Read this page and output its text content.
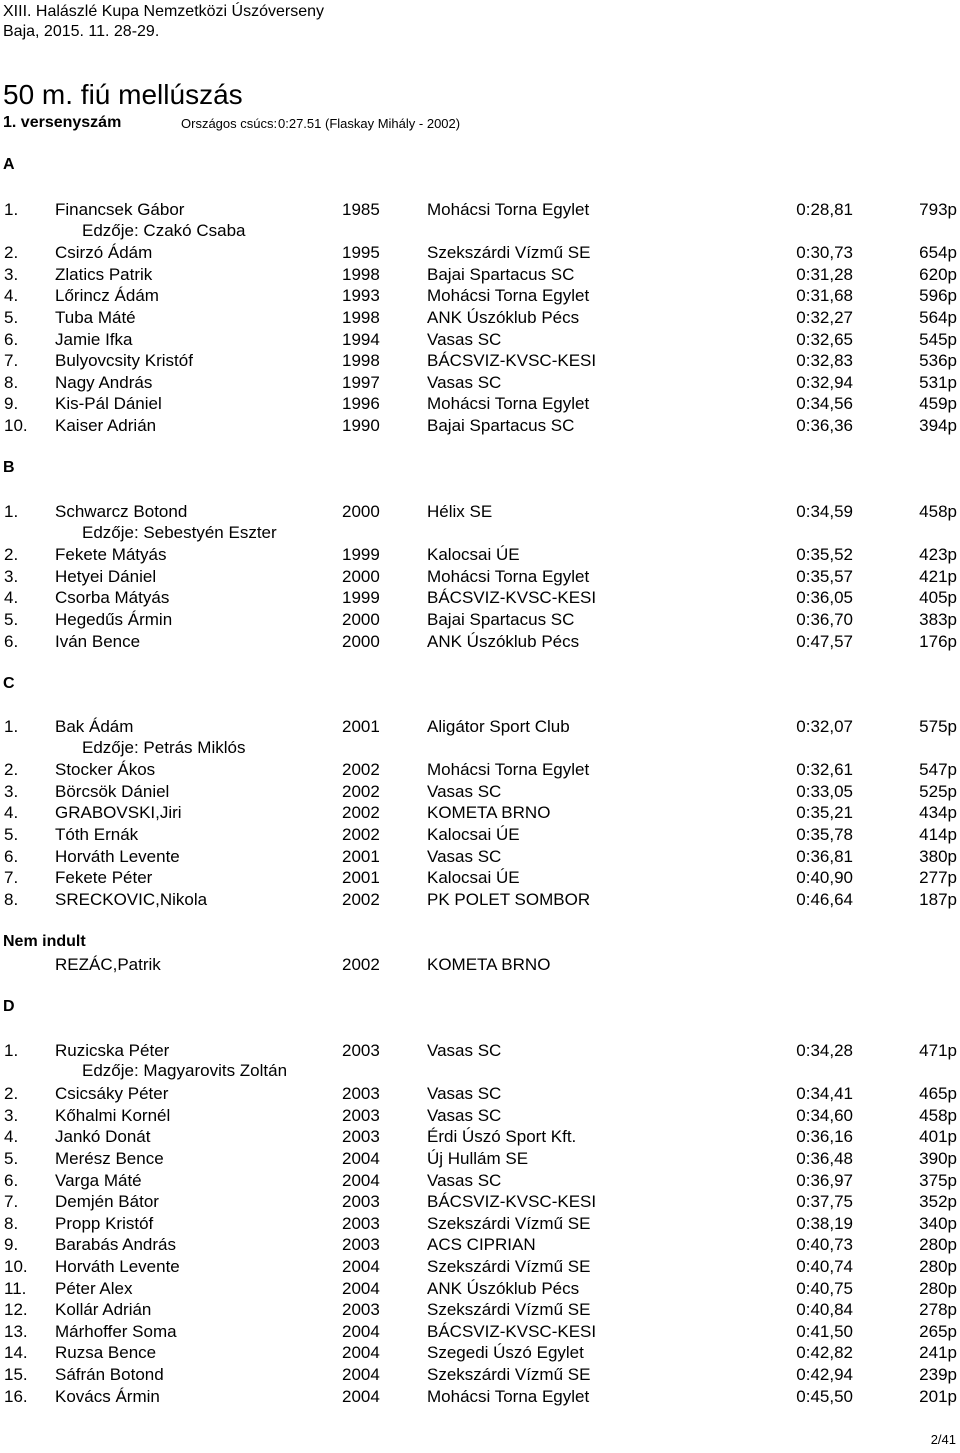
XIII. Halászlé Kupa Nemzetközi Úszóverseny
Baja, 2015. 11. 28-29.
50 m. fiú mellúszás
1. versenyszám	Országos csúcs: 0:27.51 (Flaskay Mihály - 2002)
A
1. Financsek Gábor	1985	Mohácsi Torna Egylet	0:28,81	793p
2. Csirzó Ádám	1995	Szekszárdi Vízmű SE	0:30,73	654p
3. Zlatics Patrik	1998	Bajai Spartacus SC	0:31,28	620p
4. Lőrincz Ádám	1993	Mohácsi Torna Egylet	0:31,68	596p
5. Tuba Máté	1998	ANK Úszóklub Pécs	0:32,27	564p
6. Jamie Ifka	1994	Vasas SC	0:32,65	545p
7. Bulyovcsity Kristóf	1998	BÁCSVIZ-KVSC-KESI	0:32,83	536p
8. Nagy András	1997	Vasas SC	0:32,94	531p
9. Kis-Pál Dániel	1996	Mohácsi Torna Egylet	0:34,56	459p
10. Kaiser Adrián	1990	Bajai Spartacus SC	0:36,36	394p
Edzője: Czakó Csaba
B
1. Schwarcz Botond	2000	Hélix SE	0:34,59	458p
2. Fekete Mátyás	1999	Kalocsai ÚE	0:35,52	423p
3. Hetyei Dániel	2000	Mohácsi Torna Egylet	0:35,57	421p
4. Csorba Mátyás	1999	BÁCSVIZ-KVSC-KESI	0:36,05	405p
5. Hegedűs Ármin	2000	Bajai Spartacus SC	0:36,70	383p
6. Iván Bence	2000	ANK Úszóklub Pécs	0:47,57	176p
Edzője: Sebestyén Eszter
C
1. Bak Ádám	2001	Aligátor Sport Club	0:32,07	575p
2. Stocker Ákos	2002	Mohácsi Torna Egylet	0:32,61	547p
3. Börcsök Dániel	2002	Vasas SC	0:33,05	525p
4. GRABOVSKI,Jiri	2002	KOMETA BRNO	0:35,21	434p
5. Tóth Ernák	2002	Kalocsai ÚE	0:35,78	414p
6. Horváth Levente	2001	Vasas SC	0:36,81	380p
7. Fekete Péter	2001	Kalocsai ÚE	0:40,90	277p
8. SRECKOVIC,Nikola	2002	PK POLET SOMBOR	0:46,64	187p
Edzője: Petrás Miklós
Nem indult
REZÁC,Patrik	2002	KOMETA BRNO
D
1. Ruzicska Péter	2003	Vasas SC	0:34,28	471p
2. Csicsáky Péter	2003	Vasas SC	0:34,41	465p
3. Kőhalmi Kornél	2003	Vasas SC	0:34,60	458p
4. Jankó Donát	2003	Érdi Úszó Sport Kft.	0:36,16	401p
5. Merész Bence	2004	Új Hullám SE	0:36,48	390p
6. Varga Máté	2004	Vasas SC	0:36,97	375p
7. Demjén Bátor	2003	BÁCSVIZ-KVSC-KESI	0:37,75	352p
8. Propp Kristóf	2003	Szekszárdi Vízmű SE	0:38,19	340p
9. Barabás András	2003	ACS CIPRIAN	0:40,73	280p
10. Horváth Levente	2004	Szekszárdi Vízmű SE	0:40,74	280p
11. Péter Alex	2004	ANK Úszóklub Pécs	0:40,75	280p
12. Kollár Adrián	2003	Szekszárdi Vízmű SE	0:40,84	278p
13. Márhoffer Soma	2004	BÁCSVIZ-KVSC-KESI	0:41,50	265p
14. Ruzsa Bence	2004	Szegedi Úszó Egylet	0:42,82	241p
15. Sáfrán Botond	2004	Szekszárdi Vízmű SE	0:42,94	239p
16. Kovács Ármin	2004	Mohácsi Torna Egylet	0:45,50	201p
Edzője: Magyarovits Zoltán
2/41
